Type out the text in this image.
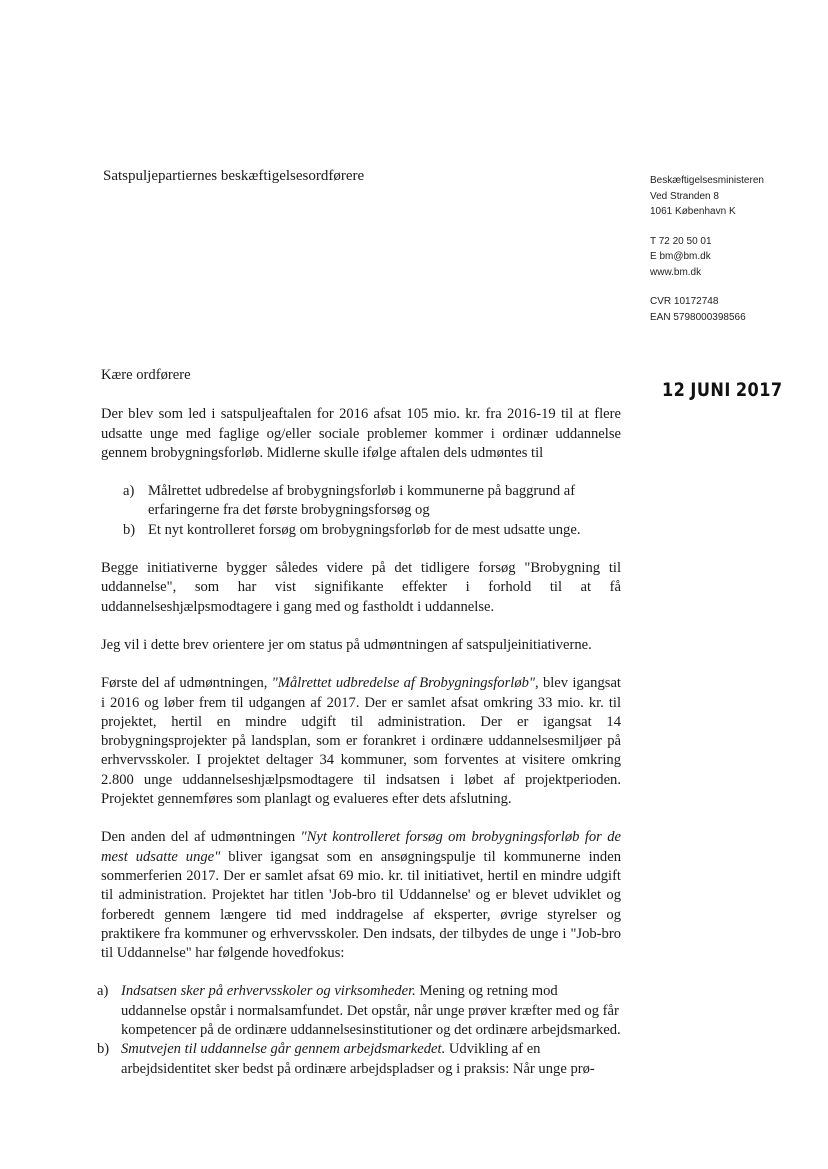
Satspuljepartiernes beskæftigelsesordførere	Beskæftigelsesministeren
Ved Stranden 8
1061 København K
T 72 20 50 01
E bm@bm.dk
www.bm.dk
CVR 10172748
EAN 5798000398566
12 JUNI 2017

Kære ordførere

Der blev som led i satspuljeaftalen for 2016 afsat 105 mio. kr. fra 2016-19 til at flere udsatte unge med faglige og/eller sociale problemer kommer i ordinær uddannelse gennem brobygningsforløb. Midlerne skulle ifølge aftalen dels udmøntes til

a) Målrettet udbredelse af brobygningsforløb i kommunerne på baggrund af erfaringerne fra det første brobygningsforsøg og
b) Et nyt kontrolleret forsøg om brobygningsforløb for de mest udsatte unge.

Begge initiativerne bygger således videre på det tidligere forsøg "Brobygning til uddannelse", som har vist signifikante effekter i forhold til at få uddannelseshjælpsmodtagere i gang med og fastholdt i uddannelse.

Jeg vil i dette brev orientere jer om status på udmøntningen af satspuljeinitiativerne.

Første del af udmøntningen, "Målrettet udbredelse af Brobygningsforløb", blev igangsat i 2016 og løber frem til udgangen af 2017. Der er samlet afsat omkring 33 mio. kr. til projektet, hertil en mindre udgift til administration. Der er igangsat 14 brobygningsprojekter på landsplan, som er forankret i ordinære uddannelsesmiljøer på erhvervsskoler. I projektet deltager 34 kommuner, som forventes at visitere omkring 2.800 unge uddannelseshjælpsmodtagere til indsatsen i løbet af projektperioden. Projektet gennemføres som planlagt og evalueres efter dets afslutning.

Den anden del af udmøntningen "Nyt kontrolleret forsøg om brobygningsforløb for de mest udsatte unge" bliver igangsat som en ansøgningspulje til kommunerne inden sommerferien 2017. Der er samlet afsat 69 mio. kr. til initiativet, hertil en mindre udgift til administration. Projektet har titlen 'Job-bro til Uddannelse' og er blevet udviklet og forberedt gennem længere tid med inddragelse af eksperter, øvrige styrelser og praktikere fra kommuner og erhvervsskoler. Den indsats, der tilbydes de unge i "Job-bro til Uddannelse" har følgende hovedfokus:

a) Indsatsen sker på erhvervsskoler og virksomheder. Mening og retning mod uddannelse opstår i normalsamfundet. Det opstår, når unge prøver kræfter med og får kompetencer på de ordinære uddannelsesinstitutioner og det ordinære arbejdsmarked.
b) Smutvejen til uddannelse går gennem arbejdsmarkedet. Udvikling af en arbejdsidentitet sker bedst på ordinære arbejdspladser og i praksis: Når unge prø-
